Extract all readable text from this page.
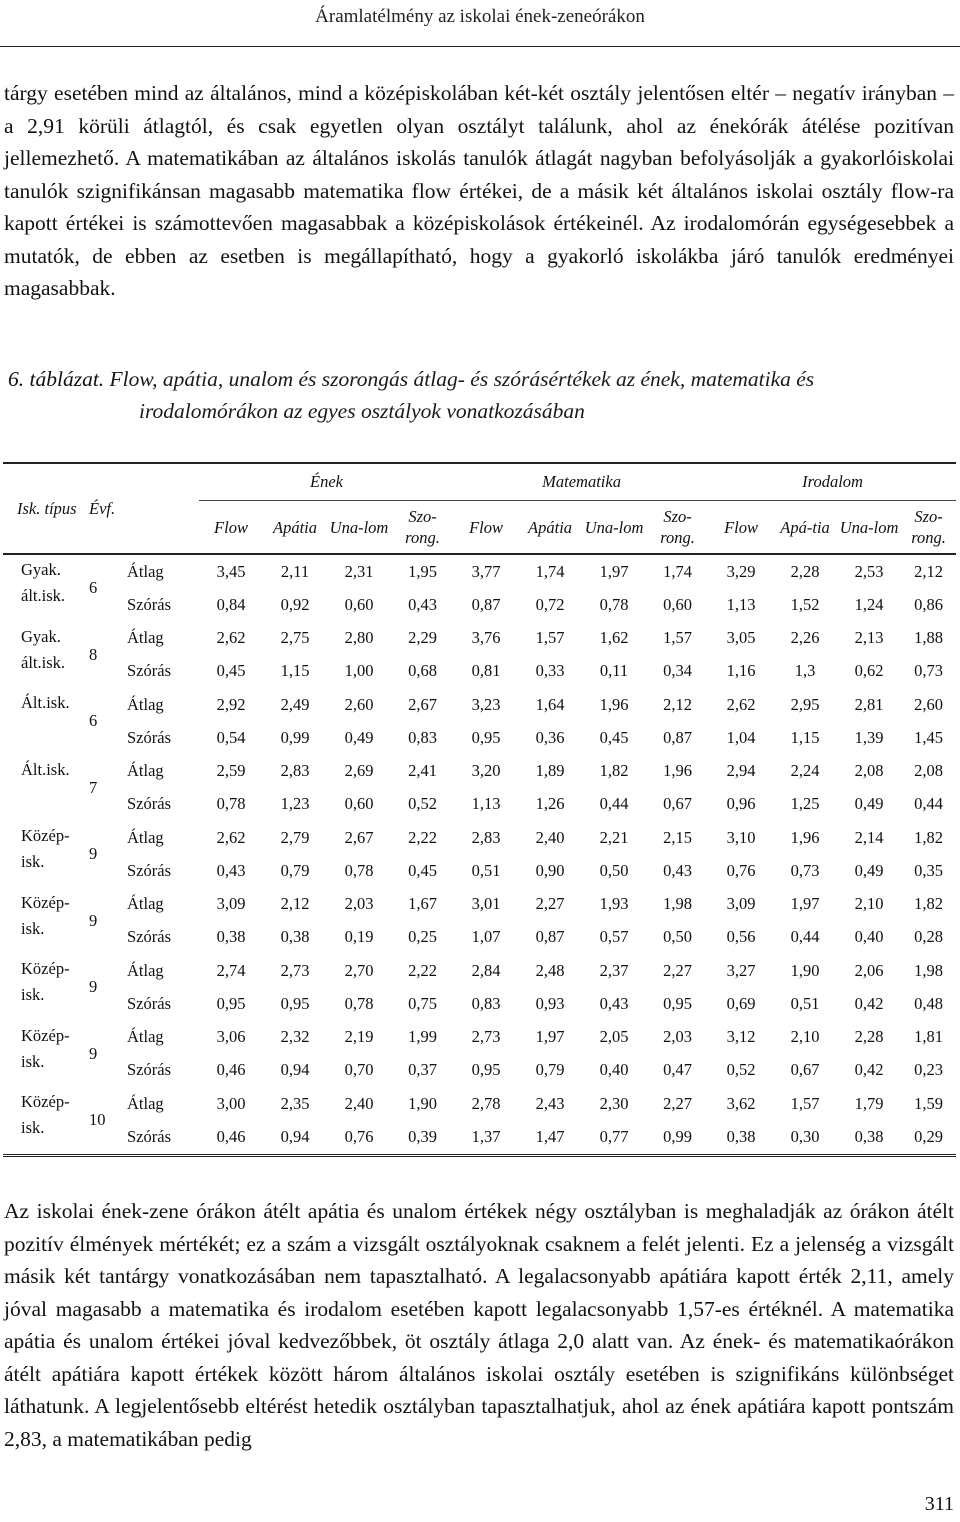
Áramlatélmény az iskolai ének-zeneórákon

tárgy esetében mind az általános, mind a középiskolában két-két osztály jelentősen eltér – negatív irányban – a 2,91 körüli átlagtól, és csak egyetlen olyan osztályt találunk, ahol az énekórák átélése pozitívan jellemezhető. A matematikában az általános iskolás tanulók átlagát nagyban befolyásolják a gyakorlóiskolai tanulók szignifikánsan magasabb matematika flow értékei, de a másik két általános iskolai osztály flow-ra kapott értékei is számottevően magasabbak a középiskolások értékeinél. Az irodalomórán egységesebbek a mutatók, de ebben az esetben is megállapítható, hogy a gyakorló iskolákba járó tanulók eredményei magasabbak.

6. táblázat. Flow, apátia, unalom és szorongás átlag- és szórásértékek az ének, matematika és irodalomórákon az egyes osztályok vonatkozásában

Isk. típus	Évf.		Ének				Matematika				Irodalom			
			Flow	Apátia	Una-lom	Szo-rong.	Flow	Apátia	Una-lom	Szo-rong.	Flow	Apá-tia	Una-lom	Szo-rong.
Gyak. ált.isk.	6	Átlag	3,45	2,11	2,31	1,95	3,77	1,74	1,97	1,74	3,29	2,28	2,53	2,12
		Szórás	0,84	0,92	0,60	0,43	0,87	0,72	0,78	0,60	1,13	1,52	1,24	0,86
Gyak. ált.isk.	8	Átlag	2,62	2,75	2,80	2,29	3,76	1,57	1,62	1,57	3,05	2,26	2,13	1,88
		Szórás	0,45	1,15	1,00	0,68	0,81	0,33	0,11	0,34	1,16	1,3	0,62	0,73
Ált.isk.	6	Átlag	2,92	2,49	2,60	2,67	3,23	1,64	1,96	2,12	2,62	2,95	2,81	2,60
		Szórás	0,54	0,99	0,49	0,83	0,95	0,36	0,45	0,87	1,04	1,15	1,39	1,45
Ált.isk.	7	Átlag	2,59	2,83	2,69	2,41	3,20	1,89	1,82	1,96	2,94	2,24	2,08	2,08
		Szórás	0,78	1,23	0,60	0,52	1,13	1,26	0,44	0,67	0,96	1,25	0,49	0,44
Közép-isk.	9	Átlag	2,62	2,79	2,67	2,22	2,83	2,40	2,21	2,15	3,10	1,96	2,14	1,82
		Szórás	0,43	0,79	0,78	0,45	0,51	0,90	0,50	0,43	0,76	0,73	0,49	0,35
Közép-isk.	9	Átlag	3,09	2,12	2,03	1,67	3,01	2,27	1,93	1,98	3,09	1,97	2,10	1,82
		Szórás	0,38	0,38	0,19	0,25	1,07	0,87	0,57	0,50	0,56	0,44	0,40	0,28
Közép-isk.	9	Átlag	2,74	2,73	2,70	2,22	2,84	2,48	2,37	2,27	3,27	1,90	2,06	1,98
		Szórás	0,95	0,95	0,78	0,75	0,83	0,93	0,43	0,95	0,69	0,51	0,42	0,48
Közép-isk.	9	Átlag	3,06	2,32	2,19	1,99	2,73	1,97	2,05	2,03	3,12	2,10	2,28	1,81
		Szórás	0,46	0,94	0,70	0,37	0,95	0,79	0,40	0,47	0,52	0,67	0,42	0,23
Közép-isk.	10	Átlag	3,00	2,35	2,40	1,90	2,78	2,43	2,30	2,27	3,62	1,57	1,79	1,59
		Szórás	0,46	0,94	0,76	0,39	1,37	1,47	0,77	0,99	0,38	0,30	0,38	0,29

Az iskolai ének-zene órákon átélt apátia és unalom értékek négy osztályban is meghaladják az órákon átélt pozitív élmények mértékét; ez a szám a vizsgált osztályoknak csaknem a felét jelenti. Ez a jelenség a vizsgált másik két tantárgy vonatkozásában nem tapasztalható. A legalacsonyabb apátiára kapott érték 2,11, amely jóval magasabb a matematika és irodalom esetében kapott legalacsonyabb 1,57-es értéknél. A matematika apátia és unalom értékei jóval kedvezőbbek, öt osztály átlaga 2,0 alatt van. Az ének- és matematikaórákon átélt apátiára kapott értékek között három általános iskolai osztály esetében is szignifikáns különbséget láthatunk. A legjelentősebb eltérést hetedik osztályban tapasztalhatjuk, ahol az ének apátiára kapott pontszám 2,83, a matematikában pedig

311
